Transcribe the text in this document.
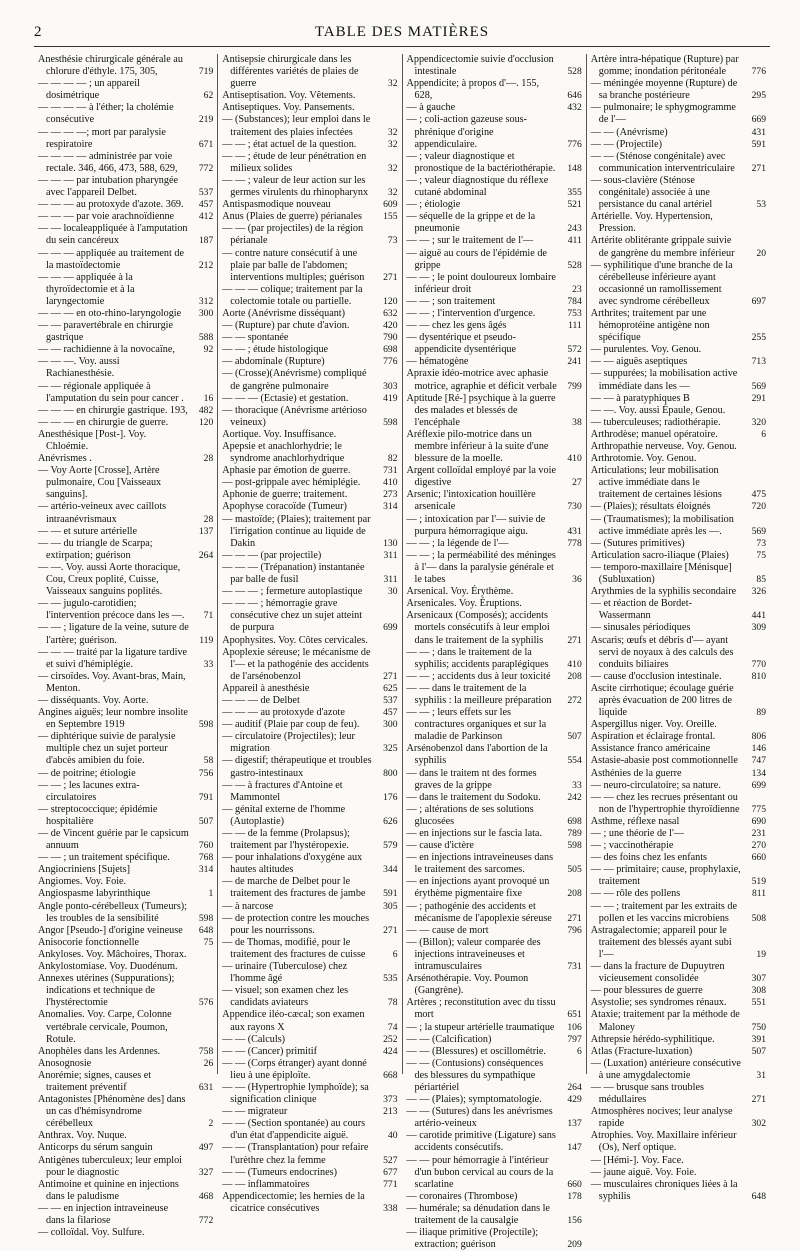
2	TABLE DES MATIÈRES
Anesthésie chirurgicale générale au chlorure d'éthyle. 175, 305,	719
— — — — ; un appareil dosimétrique	62
— — — — à l'éther; la cholémie consécutive	219
— — — —; mort par paralysie respiratoire	671
— — — — administrée par voie rectale. 346, 466, 473, 588, 629,	772
— — — par intubation pharyngée avec l'appareil Delbet.	537
— — — au protoxyde d'azote. 369.	457
— — — par voie arachnoïdienne	412
— — localeappliquée à l'amputation du sein cancéreux	187
— — — appliquée au traitement de la mastoïdectomie	212
— — — appliquée à la thyroïdectomie et à la laryngectomie	312
— — — en oto-rhino-laryngologie	300
— — paravertébrale en chirurgie gastrique	588
— — rachidienne à la novocaïne,	92
— — —. Voy. aussi Rachianesthésie.
— — régionale appliquée à l'amputation du sein pour cancer .	16
— — — en chirurgie gastrique. 193,	482
— — — en chirurgie de guerre.	120
Anesthésique [Post-]. Voy. Chloémie.
Anévrismes .	28
— Voy Aorte [Crosse], Artère pulmonaire, Cou [Vaisseaux sanguins].
— artério-veineux avec caillots intraanévrismaux	28
— — et suture artérielle	137
— — du triangle de Scarpa; extirpation; guérison	264
— —. Voy. aussi Aorte thoracique, Cou, Creux poplité, Cuisse, Vaisseaux sanguins poplités.
— — jugulo-carotidien; l'intervention précoce dans les —.	71
— — ; ligature de la veine, suture de l'artère; guérison.	119
— — — traité par la ligature tardive et suivi d'hémiplégie.	33
— cirsoïdes. Voy. Avant-bras, Main, Menton.
— disséquants. Voy. Aorte.
Angines aiguës; leur nombre insolite en Septembre 1919	598
— diphtérique suivie de paralysie multiple chez un sujet porteur d'abcès amibien du foie.	58
— de poitrine; étiologie	756
— — ; les lacunes extra-circulatoires	791
— streptococcique; épidémie hospitalière	507
— de Vincent guérie par le capsicum annuum	760
— — ; un traitement spécifique.	768
Angiocriniens [Sujets]	314
Angiomes. Voy. Foie.
Angiospasme labyrinthique	1
Angle ponto-cérébelleux (Tumeurs); les troubles de la sensibilité	598
Angor [Pseudo-] d'origine veineuse	648
Anisocorie fonctionnelle	75
Ankyloses. Voy. Mâchoires, Thorax.
Ankylostomiase. Voy. Duodénum.
Annexes utérines (Suppurations); indications et technique de l'hystérectomie	576
Anomalies. Voy. Carpe, Colonne vertébrale cervicale, Poumon, Rotule.
Anophèles dans les Ardennes.	758
Anosognosie	26
Anorémie; signes, causes et traitement préventif	631
Antagonistes [Phénomène des] dans un cas d'hémisyndrome cérébelleux	2
Anthrax. Voy. Nuque.
Anticorps du sérum sanguin	497
Antigènes tuberculeux; leur emploi pour le diagnostic	327
Antimoine et quinine en injections dans le paludisme	468
— — en injection intraveineuse dans la filariose	772
— colloïdal. Voy. Sulfure.
Antisepsie chirurgicale dans les différentes variétés de plaies de guerre	32
Antiseptisation. Voy. Vêtements.
Antiseptiques. Voy. Pansements.
— (Substances); leur emploi dans le traitement des plaies infectées	32
— — ; état actuel de la question.	32
— — ; étude de leur pénétration en milieux solides	32
— — ; valeur de leur action sur les germes virulents du rhinopharynx	32
Antispasmodique nouveau	609
Anus (Plaies de guerre) périanales	155
— — (par projectiles) de la région périanale	73
— contre nature consécutif à une plaie par balle de l'abdomen; interventions multiples; guérison	271
— — — colique; traitement par la colectomie totale ou partielle.	120
Aorte (Anévrisme disséquant)	632
— (Rupture) par chute d'avion.	420
— — spontanée	790
— — ; étude histologique	698
— abdominale (Rupture)	776
— (Crosse)(Anévrisme) compliqué de gangrène pulmonaire	303
— — — (Ectasie) et gestation.	419
— thoracique (Anévrisme artérioso veineux)	598
Aortique. Voy. Insuffisance.
Apepsie et anachlorhydrie; le syndrome anachlorhydrique	82
Aphasie par émotion de guerre.	731
— post-grippale avec hémiplégie.	410
Aphonie de guerre; traitement.	273
Apophyse coracoïde (Tumeur)	314
— mastoïde; (Plaies); traitement par l'irrigation continue au liquide de Dakin	130
— — — (par projectile)	311
— — — (Trépanation) instantanée par balle de fusil	311
— — — ; fermeture autoplastique	30
— — — ; hémorragie grave consécutive chez un sujet atteint de purpura	699
Apophysites. Voy. Côtes cervicales.
Apoplexie séreuse; le mécanisme de l'— et la pathogénie des accidents de l'arsénobenzol	271
Appareil à anesthésie	625
— — — de Delbet	537
— — — au protoxyde d'azote	457
— auditif (Plaie par coup de feu).	300
— circulatoire (Projectiles); leur migration	325
— digestif; thérapeutique et troubles gastro-intestinaux	800
— — à fractures d'Antoine et Mammontel	176
— génital externe de l'homme (Autoplastie)	626
— — de la femme (Prolapsus); traitement par l'hystéropexie.	579
— pour inhalations d'oxygène aux hautes altitudes	344
— de marche de Delbet pour le traitement des fractures de jambe	591
— à narcose	305
— de protection contre les mouches pour les nourrissons.	271
— de Thomas, modifié, pour le traitement des fractures de cuisse	6
— urinaire (Tuberculose) chez l'homme âgé	535
— visuel; son examen chez les candidats aviateurs	78
Appendice iléo-cæcal; son examen aux rayons X	74
— — (Calculs)	252
— — (Cancer) primitif	424
— — (Corps étranger) ayant donné lieu à une épiploïte.	668
— — (Hypertrophie lymphoïde); sa signification clinique	373
— — migrateur	213
— — (Section spontanée) au cours d'un état d'appendicite aiguë.	40
— — (Transplantation) pour refaire l'urèthre chez la femme	527
— — (Tumeurs endocrines)	677
— — inflammatoires	771
Appendicectomie; les hernies de la cicatrice consécutives	338
Appendicectomie suivie d'occlusion intestinale	528
Appendicite; à propos d'—. 155, 628,	646
— à gauche	432
— ; coli-action gazeuse sous-phrénique d'origine appendiculaire.	776
— ; valeur diagnostique et pronostique de la bactériothérapie.	148
— ; valeur diagnostique du réflexe cutané abdominal	355
— ; étiologie	521
— séquelle de la grippe et de la pneumonie	243
— — ; sur le traitement de l'—	411
— aiguë au cours de l'épidémie de grippe	528
— — ; le point douloureux lombaire inférieur droit	23
— — ; son traitement	784
— — ; l'intervention d'urgence.	753
— — chez les gens âgés	111
— dysentérique et pseudo-appendicite dysentérique	572
— hématogène	241
Apraxie idéo-motrice avec aphasie motrice, agraphie et déficit verbale	799
Aptitude [Ré-] psychique à la guerre des malades et blessés de l'encéphale	38
Aréflexie pilo-motrice dans un membre inférieur à la suite d'une blessure de la moelle.	410
Argent colloïdal employé par la voie digestive	27
Arsenic; l'intoxication houillère arsenicale	730
— ; intoxication par l'— suivie de purpura hémorragique aigu.	431
— — ; la légende de l'—	778
— — ; la perméabilité des méninges à l'— dans la paralysie générale et le tabes	36
Arsenical. Voy. Érythème.
Arsenicales. Voy. Éruptions.
Arsenicaux (Composés); accidents mortels consécutifs à leur emploi dans le traitement de la syphilis	271
— — ; dans le traitement de la syphilis; accidents paraplégiques	410
— — ; accidents dus à leur toxicité	208
— — dans le traitement de la syphilis : la meilleure préparation	272
— — ; leurs effets sur les contractures organiques et sur la maladie de Parkinson	507
Arsénobenzol dans l'abortion de la syphilis	554
— dans le traitem nt des formes graves de la grippe	33
— dans le traitement du Sodoku.	242
— ; altérations de ses solutions glucosées	698
— en injections sur le fascia lata.	789
— cause d'ictère	598
— en injections intraveineuses dans le traitement des sarcomes.	505
— en injections ayant provoqué un érythème pigmentaire fixe	208
— ; pathogénie des accidents et mécanisme de l'apoplexie séreuse	271
— — cause de mort	796
— (Billon); valeur comparée des injections intraveineuses et intramusculaires	731
Arsénothérapie. Voy. Poumon (Gangrène).
Artères ; reconstitution avec du tissu mort	651
— ; la stupeur artérielle traumatique	106
— — (Calcification)	797
— — (Blessures) et oscillométrie.	6
— — (Contusions) conséquences des blessures du sympathique périartériel	264
— — (Plaies); symptomatologie.	429
— — (Sutures) dans les anévrismes artério-veineux	137
— carotide primitive (Ligature) sans accidents consécutifs.	147
— — pour hémorragie à l'intérieur d'un bubon cervical au cours de la scarlatine	660
— coronaires (Thrombose)	178
— humérale; sa dénudation dans le traitement de la causalgie	156
— iliaque primitive (Projectile); extraction; guérison	209
Artère intra-hépatique (Rupture) par gomme; inondation péritonéale	776
— méningée moyenne (Rupture) de sa branche postérieure	295
— pulmonaire; le sphygmogramme de l'—	669
— — (Anévrisme)	431
— — (Projectile)	591
— — (Sténose congénitale) avec communication interventriculaire	271
— sous-clavière (Sténose congénitale) associée à une persistance du canal artériel	53
Artérielle. Voy. Hypertension, Pression.
Artérite oblitérante grippale suivie de gangrène du membre inférieur	20
— syphilitique d'une branche de la cérébelleuse inférieure ayant occasionné un ramollissement avec syndrome cérébelleux	697
Arthrites; traitement par une hémoprotéine antigène non spécifique	255
— purulentes. Voy. Genou.
— — aiguës aseptiques	713
— suppurées; la mobilisation active immédiate dans les —	569
— — à paratyphiques B	291
— —. Voy. aussi Épaule, Genou.
— tuberculeuses; radiothérapie.	320
Arthrodèse; manuel opératoire.	6
Arthropathie nerveuse. Voy. Genou.
Arthrotomie. Voy. Genou.
Articulations; leur mobilisation active immédiate dans le traitement de certaines lésions	475
— (Plaies); résultats éloignés	720
— (Traumatismes); la mobilisation active immédiate après les —.	569
— (Sutures primitives)	73
Articulation sacro-iliaque (Plaies)	75
— temporo-maxillaire [Ménisque] (Subluxation)	85
Arythmies de la syphilis secondaire	326
— et réaction de Bordet-Wassermann	441
— sinusales périodiques	309
Ascaris; œufs et débris d'— ayant servi de noyaux à des calculs des conduits biliaires	770
— cause d'occlusion intestinale.	810
Ascite cirrhotique; écoulage guérie après évacuation de 200 litres de liquide	89
Aspergillus niger. Voy. Oreille.
Aspiration et éclairage frontal.	806
Assistance franco américaine	146
Astasie-abasie post commotionnelle	747
Asthénies de la guerre	134
— neuro-circulatoire; sa nature.	699
— — chez les recrues présentant ou non de l'hypertrophie thyroïdienne	775
Asthme, réflexe nasal	690
— ; une théorie de l'—	231
— ; vaccinothérapie	270
— des foins chez les enfants	660
— — primitaire; cause, prophylaxie, traitement	519
— — rôle des pollens	811
— — ; traitement par les extraits de pollen et les vaccins microbiens	508
Astragalectomie; appareil pour le traitement des blessés ayant subi l'—	19
— dans la fracture de Dupuytren vicieusement consolidée	307
— pour blessures de guerre	308
Asystolie; ses syndromes rénaux.	551
Ataxie; traitement par la méthode de Maloney	750
Athrepsie hérédo-syphilitique.	391
Atlas (Fracture-luxation)	507
— (Luxation) antérieure consécutive à une amygdalectomie	31
— — brusque sans troubles médullaires	271
Atmosphères nocives; leur analyse rapide	302
Atrophies. Voy. Maxillaire inférieur (Os), Nerf optique.
— [Hémi-]. Voy. Face.
— jaune aiguë. Voy. Foie.
— musculaires chroniques liées à la syphilis	648
